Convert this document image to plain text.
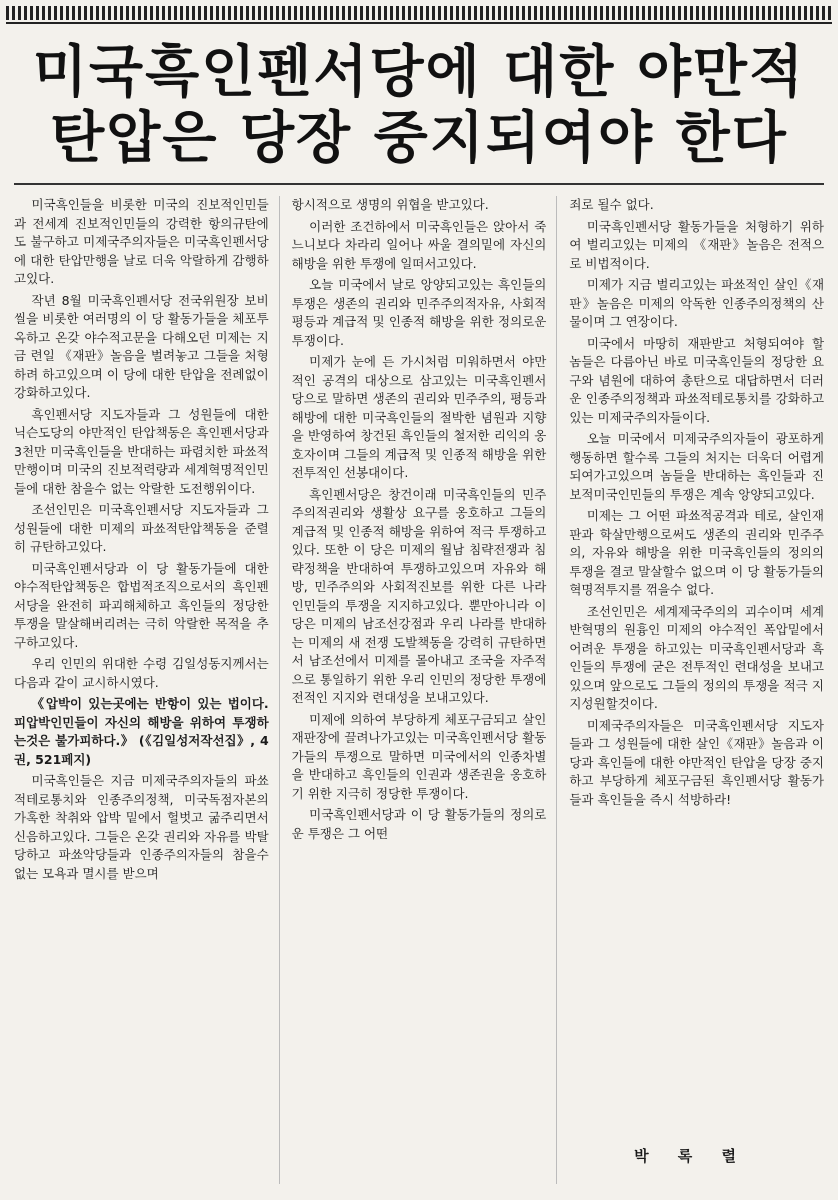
미국흑인펜서당에 대한 야만적
탄압은 당장 중지되여야 한다

미국흑인들을 비롯한 미국의 진보적인민들과 전세계 진보적인민들의 강력한 항의규탄에도 불구하고 미제국주의자들은 미국흑인펜서당에 대한 탄압만행을 날로 더욱 악랄하게 감행하고있다.

작년 8월 미국흑인펜서당 전국위원장 보비 씰을 비롯한 여러명의 이 당 활동가들을 체포투옥하고 온갖 야수적고문을 다해오던 미제는 지금 련일 《재판》놀음을 벌려놓고 그들을 처형하려 하고있으며 이 당에 대한 탄압을 전례없이 강화하고있다.

흑인펜서당 지도자들과 그 성원들에 대한 닉슨도당의 야만적인 탄압책동은 흑인펜서당과 3천만 미국흑인들을 반대하는 파렴치한 파쑈적만행이며 미국의 진보적력량과 세계혁명적인민들에 대한 참을수 없는 악랄한 도전행위이다.

조선인민은 미국흑인펜서당 지도자들과 그 성원들에 대한 미제의 파쑈적탄압책동을 준렬히 규탄하고있다.

미국흑인펜서당과 이 당 활동가들에 대한 야수적탄압책동은 합법적조직으로서의 흑인펜서당을 완전히 파괴해체하고 흑인들의 정당한 투쟁을 말살해버리려는 극히 악랄한 목적을 추구하고있다.

우리 인민의 위대한 수령 김일성동지께서는 다음과 같이 교시하시였다.

《압박이 있는곳에는 반항이 있는 법이다. 피압박인민들이 자신의 해방을 위하여 투쟁하는것은 불가피하다.》 (《김일성저작선집》, 4권, 521페지)

미국흑인들은 지금 미제국주의자들의 파쑈적테로통치와 인종주의정책, 미국독점자본의 가혹한 착취와 압박 밑에서 헐벗고 굶주리면서 신음하고있다. 그들은 온갖 권리와 자유를 박탈당하고 파쑈악당들과 인종주의자들의 참을수 없는 모욕과 멸시를 받으며

항시적으로 생명의 위협을 받고있다.

이러한 조건하에서 미국흑인들은 앉아서 죽느니보다 차라리 일어나 싸울 결의밑에 자신의 해방을 위한 투쟁에 일떠서고있다.

오늘 미국에서 날로 앙양되고있는 흑인들의 투쟁은 생존의 권리와 민주주의적자유, 사회적평등과 계급적 및 인종적 해방을 위한 정의로운 투쟁이다.

미제가 눈에 든 가시처럼 미워하면서 야만적인 공격의 대상으로 삼고있는 미국흑인펜서당으로 말하면 생존의 권리와 민주주의, 평등과 해방에 대한 미국흑인들의 절박한 념원과 지향을 반영하여 창건된 흑인들의 철저한 리익의 옹호자이며 그들의 계급적 및 인종적 해방을 위한 전투적인 선봉대이다.

흑인펜서당은 창건이래 미국흑인들의 민주주의적권리와 생활상 요구를 옹호하고 그들의 계급적 및 인종적 해방을 위하여 적극 투쟁하고있다. 또한 이 당은 미제의 월남 침략전쟁과 침략정책을 반대하여 투쟁하고있으며 자유와 해방, 민주주의와 사회적진보를 위한 다른 나라 인민들의 투쟁을 지지하고있다. 뿐만아니라 이 당은 미제의 남조선강점과 우리 나라를 반대하는 미제의 새 전쟁 도발책동을 강력히 규탄하면서 남조선에서 미제를 몰아내고 조국을 자주적으로 통일하기 위한 우리 인민의 정당한 투쟁에 전적인 지지와 련대성을 보내고있다.

미제에 의하여 부당하게 체포구금되고 살인재판장에 끌려나가고있는 미국흑인펜서당 활동가들의 투쟁으로 말하면 미국에서의 인종차별을 반대하고 흑인들의 인권과 생존권을 옹호하기 위한 지극히 정당한 투쟁이다.

미국흑인펜서당과 이 당 활동가들의 정의로운 투쟁은 그 어떤

죄로 될수 없다.

미국흑인펜서당 활동가들을 처형하기 위하여 벌리고있는 미제의 《재판》놀음은 전적으로 비법적이다.

미제가 지금 벌리고있는 파쑈적인 살인《재판》놀음은 미제의 악독한 인종주의정책의 산물이며 그 연장이다.

미국에서 마땅히 재판받고 처형되여야 할 놈들은 다름아닌 바로 미국흑인들의 정당한 요구와 념원에 대하여 총탄으로 대답하면서 더러운 인종주의정책과 파쑈적테로통치를 강화하고있는 미제국주의자들이다.

오늘 미국에서 미제국주의자들이 광포하게 행동하면 할수록 그들의 처지는 더욱더 어렵게 되여가고있으며 놈들을 반대하는 흑인들과 진보적미국인민들의 투쟁은 계속 앙양되고있다.

미제는 그 어떤 파쑈적공격과 테로, 살인재판과 학살만행으로써도 생존의 권리와 민주주의, 자유와 해방을 위한 미국흑인들의 정의의 투쟁을 결코 말살할수 없으며 이 당 활동가들의 혁명적투지를 꺾을수 없다.

조선인민은 세계제국주의의 괴수이며 세계반혁명의 원흉인 미제의 야수적인 폭압밑에서 어려운 투쟁을 하고있는 미국흑인펜서당과 흑인들의 투쟁에 굳은 전투적인 련대성을 보내고있으며 앞으로도 그들의 정의의 투쟁을 적극 지지성원할것이다.

미제국주의자들은 미국흑인펜서당 지도자들과 그 성원들에 대한 살인《재판》놀음과 이 당과 흑인들에 대한 야만적인 탄압을 당장 중지하고 부당하게 체포구금된 흑인펜서당 활동가들과 흑인들을 즉시 석방하라!

박 록 렬
